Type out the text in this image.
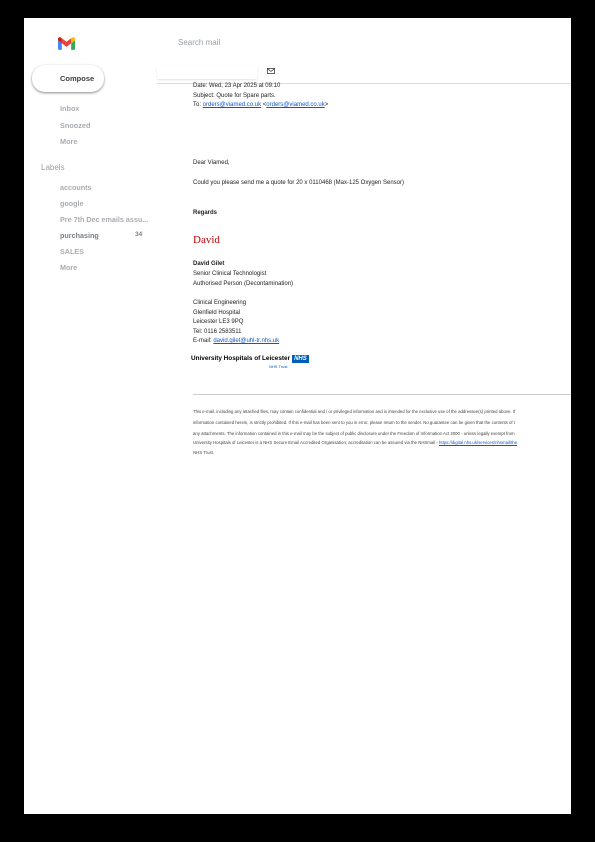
Search mail
Compose
Inbox
Snoozed
More
Labels
accounts
google
Pre 7th Dec emails assu...
purchasing	34
SALES
More
Date: Wed, 23 Apr 2025 at 09:10
Subject: Quote for Spare parts.
To: orders@viamed.co.uk <orders@viamed.co.uk>
Dear Viamed,
Could you please send me a quote for 20 x 0110468 (Max-125 Oxygen Sensor)
Regards
David
David Gilet
Senior Clinical Technologist
Authorised Person (Decontamination)
Clinical Engineering
Glenfield Hospital
Leicester LE3 9PQ
Tel: 0116 2583511
E-mail: david.gilet@uhl-tr.nhs.uk
University Hospitals of Leicester NHS
NHS Trust
This e-mail, including any attached files, may contain confidential and / or privileged information and is intended for the exclusive use of the addressee(s) printed above. If
information contained herein, is strictly prohibited. If this e-mail has been sent to you in error, please return to the sender. No guarantee can be given that the contents of t
any attachments. The information contained in this e-mail may be the subject of public disclosure under the Freedom of Information Act 2000 - unless legally exempt from
University Hospitals of Leicester is a NHS Secure Email Accredited Organisation; accreditation can be assured via the NHSmail - https://digital.nhs.uk/services/nhsmail/the
NHS Trust.
